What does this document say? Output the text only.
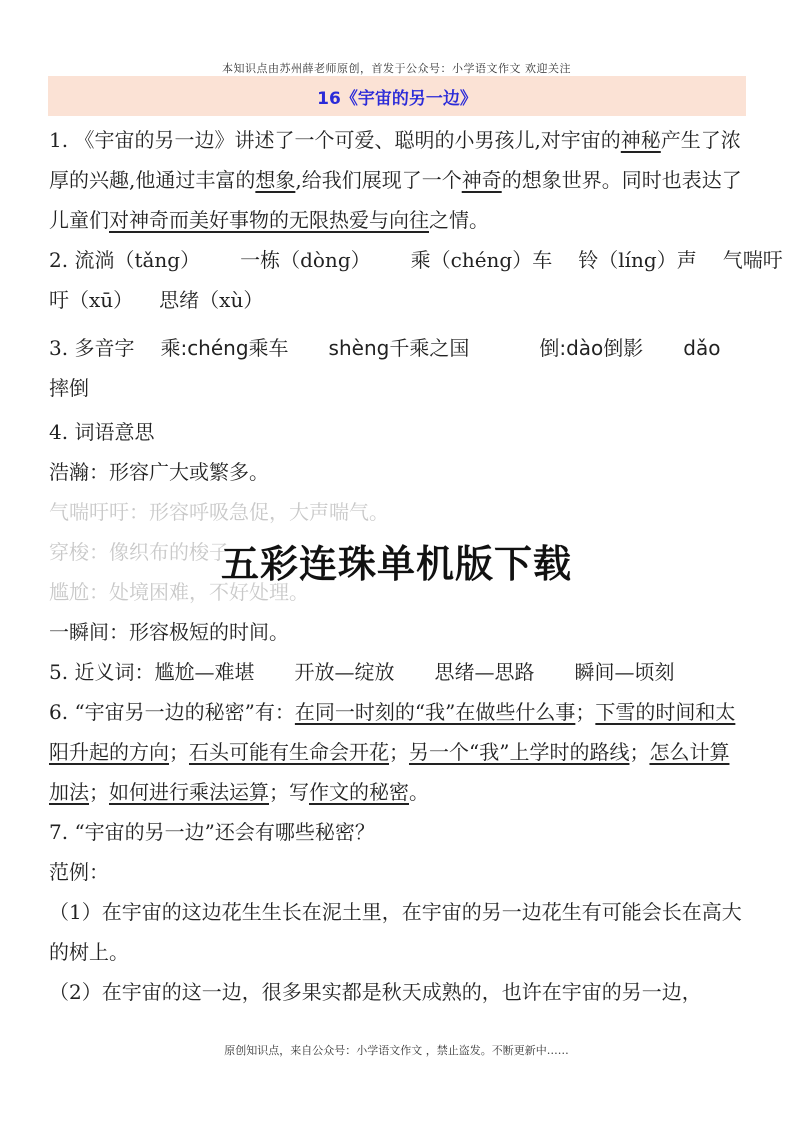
本知识点由苏州薛老师原创，首发于公众号：小学语文作文 欢迎关注
16《宇宙的另一边》

1. 《宇宙的另一边》讲述了一个可爱、聪明的小男孩儿,对宇宙的神秘产生了浓厚的兴趣,他通过丰富的想象,给我们展现了一个神奇的想象世界。同时也表达了儿童们对神奇而美好事物的无限热爱与向往之情。

2. 流淌（tǎng） 一栋（dòng） 乘（chéng）车 铃（líng）声 气喘吁
吁（xū） 思绪（xù）
3. 多音字 乘:chéng乘车 shèng千乘之国	倒:dào倒影 dǎo
摔倒
4. 词语意思
浩瀚：形容广大或繁多。
气喘吁吁：形容呼吸急促，大声喘气。
穿梭：像织布的梭子
尴尬：处境困难，不好处理。
一瞬间：形容极短的时间。
5. 近义词：尴尬—难堪 开放—绽放 思绪—思路 瞬间—顷刻

6. “宇宙另一边的秘密”有：在同一时刻的“我”在做些什么事；下雪的时间和太阳升起的方向；石头可能有生命会开花；另一个“我”上学时的路线；怎么计算加法；如何进行乘法运算；写作文的秘密。

7. “宇宙的另一边”还会有哪些秘密？
范例：

（1）在宇宙的这边花生生长在泥土里，在宇宙的另一边花生有可能会长在高大的树上。

（2）在宇宙的这一边，很多果实都是秋天成熟的，也许在宇宙的另一边，

五彩连珠单机版下载
原创知识点，来自公众号：小学语文作文 ，禁止盗发。不断更新中……
